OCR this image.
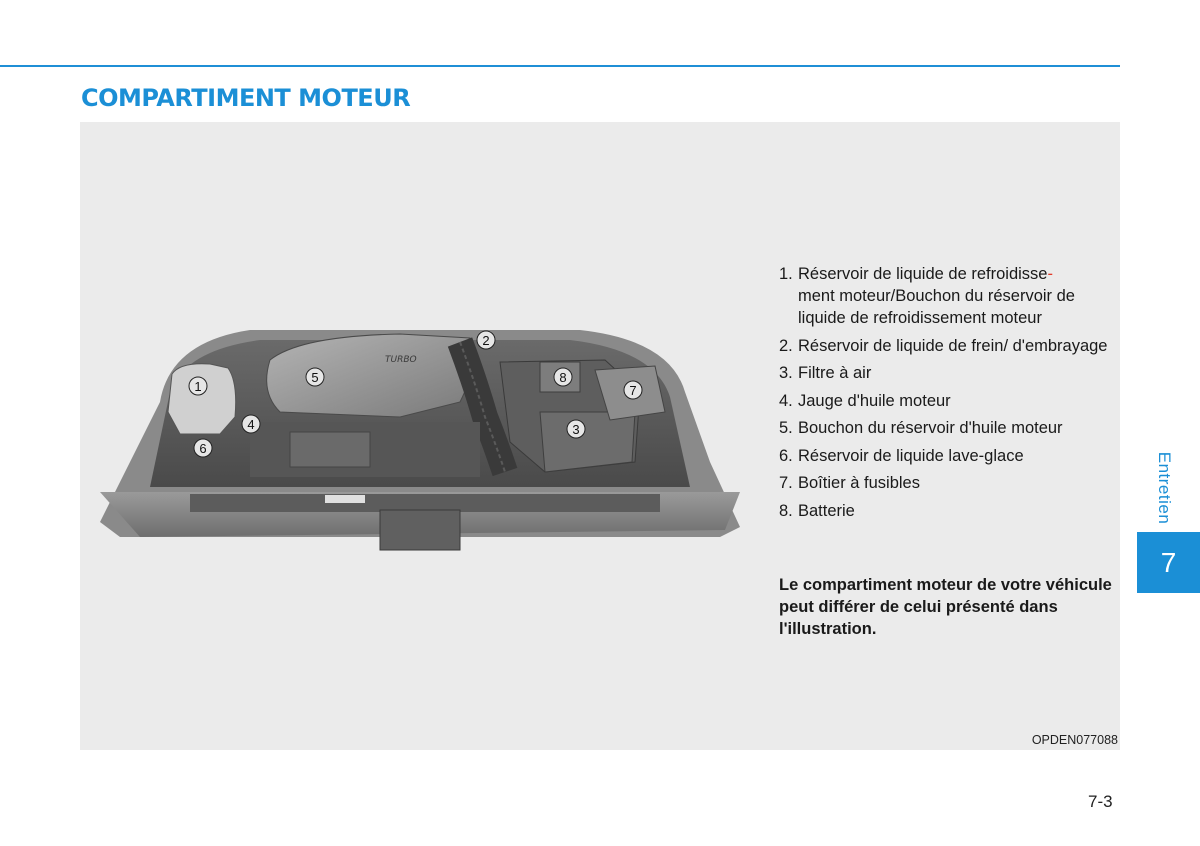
COMPARTIMENT MOTEUR
TURBO
1
2
3
4
5
6
7
8
1. Réservoir de liquide de refroidisse-
ment moteur/Bouchon du réservoir de liquide de refroidissement moteur
2. Réservoir de liquide de frein/ d'embrayage
3. Filtre à air
4. Jauge d'huile moteur
5. Bouchon du réservoir d'huile moteur
6. Réservoir de liquide lave-glace
7. Boîtier à fusibles
8. Batterie

Le compartiment moteur de votre véhicule peut différer de celui présenté dans l'illustration.

OPDEN077088
Entretien
7
7-3
